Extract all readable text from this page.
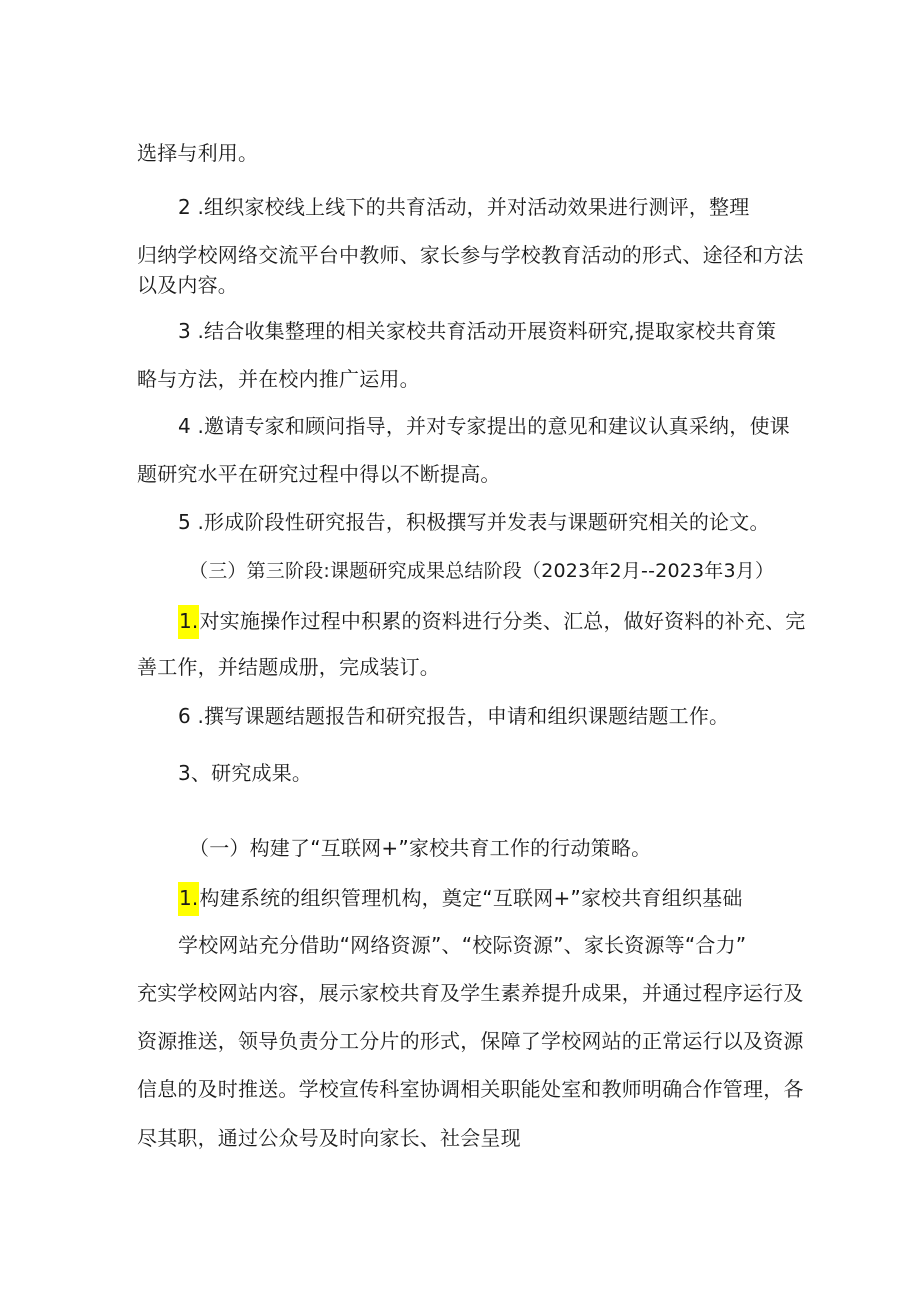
选择与利用。
2 .组织家校线上线下的共育活动，并对活动效果进行测评，整理
归纳学校网络交流平台中教师、家长参与学校教育活动的形式、途径和方法
以及内容。
3 .结合收集整理的相关家校共育活动开展资料研究,提取家校共育策
略与方法，并在校内推广运用。
4 .邀请专家和顾问指导，并对专家提出的意见和建议认真采纳，使课
题研究水平在研究过程中得以不断提高。
5 .形成阶段性研究报告，积极撰写并发表与课题研究相关的论文。
（三）第三阶段:课题研究成果总结阶段（2023年2月--2023年3月）
1.对实施操作过程中积累的资料进行分类、汇总，做好资料的补充、完
善工作，并结题成册，完成装订。
6 .撰写课题结题报告和研究报告，申请和组织课题结题工作。
3、研究成果。
（一）构建了“互联网+”家校共育工作的行动策略。
1.构建系统的组织管理机构，奠定“互联网+”家校共育组织基础
学校网站充分借助“网络资源”、“校际资源”、家长资源等“合力”
充实学校网站内容，展示家校共育及学生素养提升成果，并通过程序运行及
资源推送，领导负责分工分片的形式，保障了学校网站的正常运行以及资源
信息的及时推送。学校宣传科室协调相关职能处室和教师明确合作管理，各
尽其职，通过公众号及时向家长、社会呈现
